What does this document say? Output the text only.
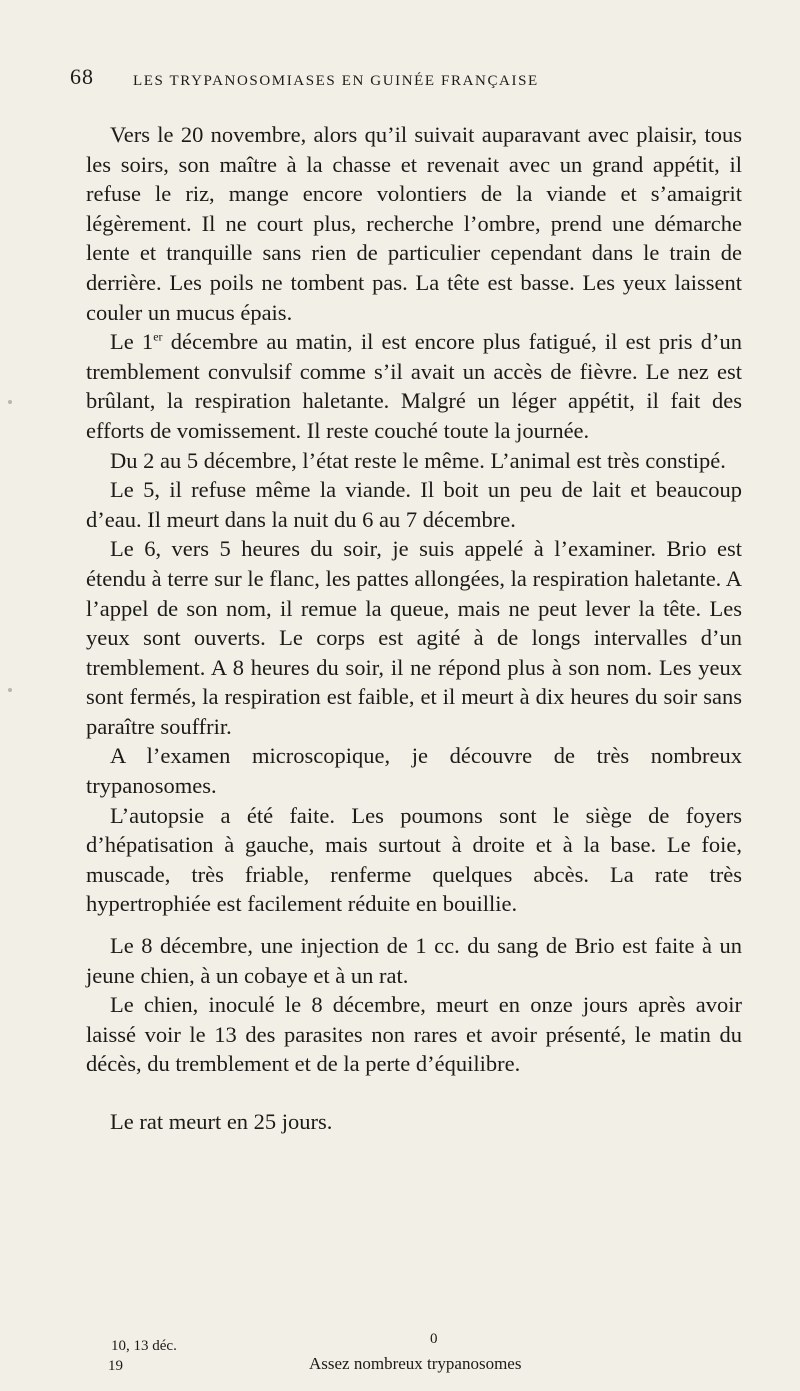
68	LES TRYPANOSOMIASES EN GUINÉE FRANÇAISE

Vers le 20 novembre, alors qu’il suivait auparavant avec plaisir, tous les soirs, son maître à la chasse et revenait avec un grand appétit, il refuse le riz, mange encore volontiers de la viande et s’amaigrit légèrement. Il ne court plus, recherche l’ombre, prend une démarche lente et tranquille sans rien de particulier cependant dans le train de derrière. Les poils ne tombent pas. La tête est basse. Les yeux laissent couler un mucus épais.

Le 1er décembre au matin, il est encore plus fatigué, il est pris d’un tremblement convulsif comme s’il avait un accès de fièvre. Le nez est brûlant, la respiration haletante. Malgré un léger appétit, il fait des efforts de vomissement. Il reste couché toute la journée.

Du 2 au 5 décembre, l’état reste le même. L’animal est très constipé.

Le 5, il refuse même la viande. Il boit un peu de lait et beaucoup d’eau. Il meurt dans la nuit du 6 au 7 décembre.

Le 6, vers 5 heures du soir, je suis appelé à l’examiner. Brio est étendu à terre sur le flanc, les pattes allongées, la respiration haletante. A l’appel de son nom, il remue la queue, mais ne peut lever la tête. Les yeux sont ouverts. Le corps est agité à de longs intervalles d’un tremblement. A 8 heures du soir, il ne répond plus à son nom. Les yeux sont fermés, la respiration est faible, et il meurt à dix heures du soir sans paraître souffrir.

A l’examen microscopique, je découvre de très nombreux trypanosomes.

L’autopsie a été faite. Les poumons sont le siège de foyers d’hépatisation à gauche, mais surtout à droite et à la base. Le foie, muscade, très friable, renferme quelques abcès. La rate très hypertrophiée est facilement réduite en bouillie.

Le 8 décembre, une injection de 1 cc. du sang de Brio est faite à un jeune chien, à un cobaye et à un rat.

Le chien, inoculé le 8 décembre, meurt en onze jours après avoir laissé voir le 13 des parasites non rares et avoir présenté, le matin du décès, du tremblement et de la perte d’équilibre.

Le rat meurt en 25 jours.

10, 13 déc.	0
19	Assez nombreux trypanosomes
